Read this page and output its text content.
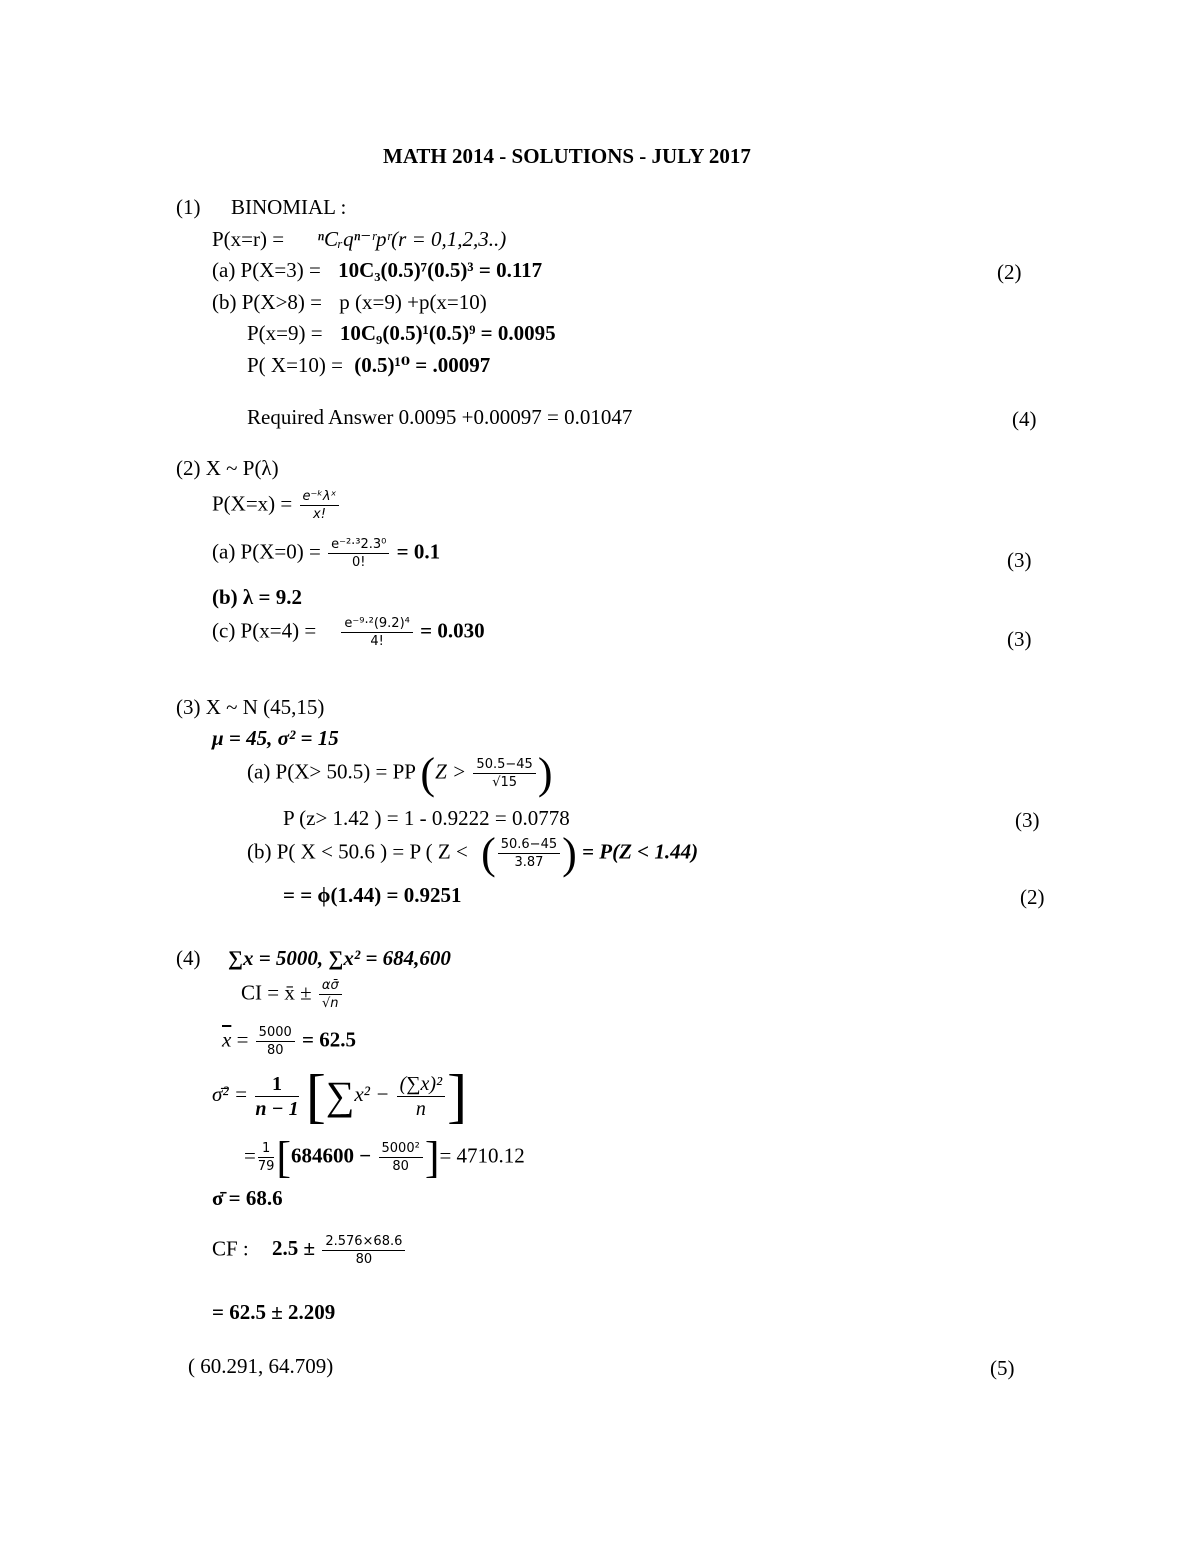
MATH 2014 - SOLUTIONS - JULY 2017
(1) BINOMIAL :
P(x=r) = ⁿCᵣqⁿ⁻ʳpʳ(r = 0,1,2,3..)
(a) P(X=3) = 10C₃(0.5)⁷(0.5)³ = 0.117	(2)
(b) P(X>8) = p (x=9) +p(x=10)
P(x=9) = 10C₉(0.5)¹(0.5)⁹ = 0.0095
P( X=10) = (0.5)¹⁰ = .00097
Required Answer 0.0095 +0.00097 = 0.01047	(4)
(2) X ~ P(λ)
$P(X=x) = \frac{\text{e⁻ᵏλˣ}}{x!}$
(a) $P(X=0) = \frac{\text{e⁻²·³2.3⁰}}{0!} = 0.1$	(3)
(b) λ = 9.2
(c) $P(x=4) = \frac{\text{e⁻⁹·²(9.2)⁴}}{4!} = 0.030$	(3)
(3) X ~ N (45,15)
μ = 45, σ² = 15
(a) P(X> 50.5) = PP ($Z > \frac{50.5-45}{√15}$ )
P (z> 1.42 ) = 1 - 0.9222 = 0.0778	(3)
(b) P( X < 50.6 ) = P ( Z < ( $\frac{50.6-45}{3.87}$ ) = P(Z < 1.44)
= = ϕ(1.44) = 0.9251	(2)
(4) ∑x = 5000, ∑x² = 684,600
CI = x̄ ± $\frac{\alpha\sigmā}{√n}$
$\overline{x} = \frac{5000}{80} = 62.5$
σ̄² = $\frac{1}{n - 1} [\sum x^2 - \frac{\text{(∑x)²}}{n}$ ]
= $\frac{1}{79} [684600 - \frac{\text{5000²}}{80}$ ]= 4710.12
σ̄ = 68.6
CF : $2.5 \pm \frac{2.576\times 68.6}{80}$
= 62.5 ± 2.209
( 60.291, 64.709)	(5)
